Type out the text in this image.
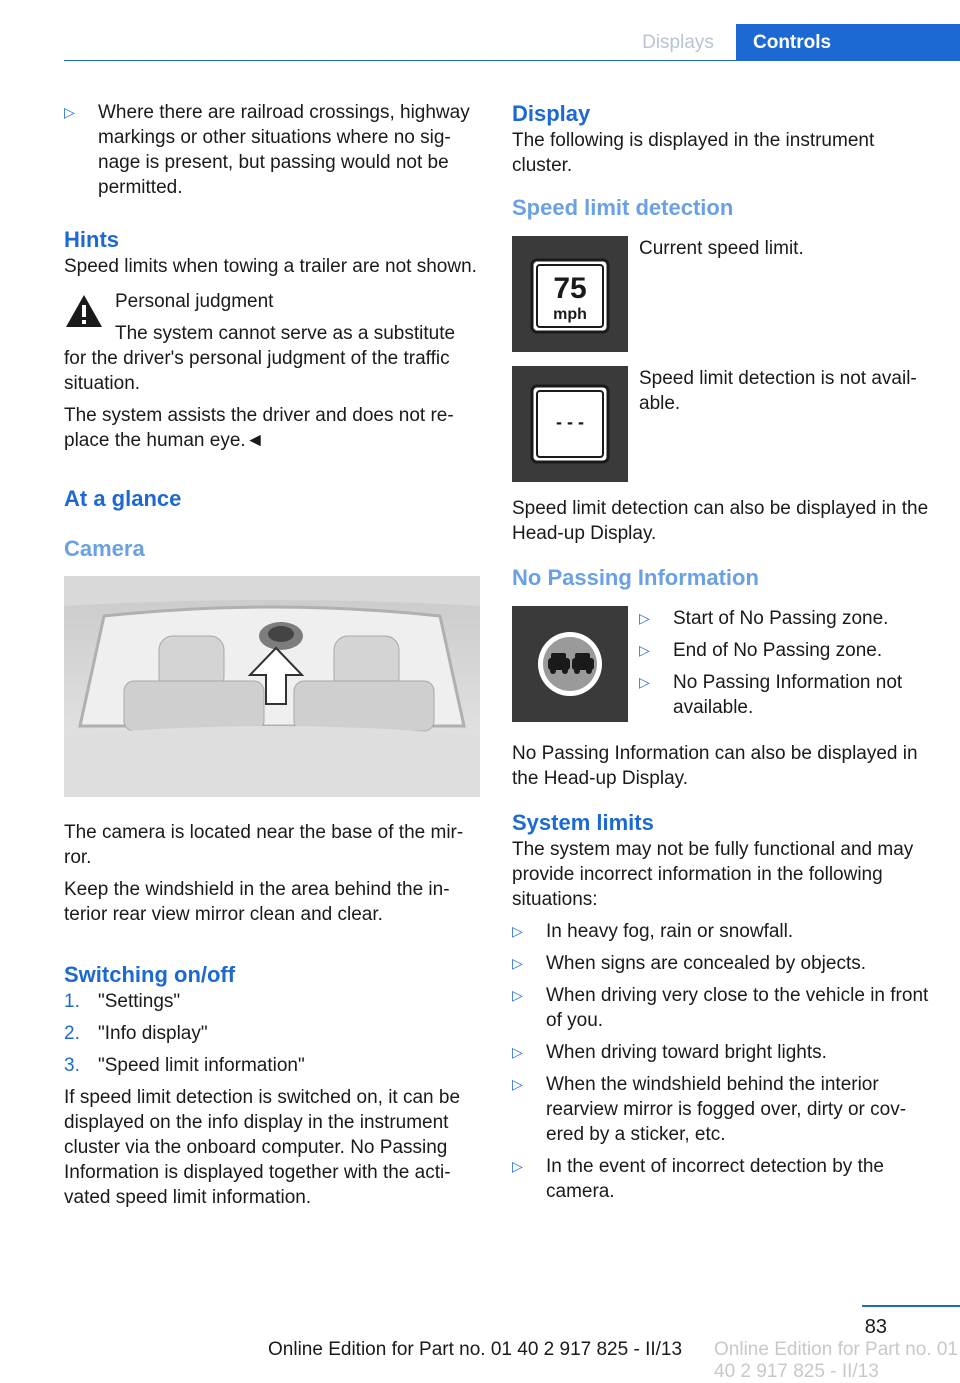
Displays	Controls
▷	Where there are railroad crossings, highway markings or other situations where no sig-nage is present, but passing would not be permitted.
Hints

Speed limits when towing a trailer are not shown.

Personal judgment

The system cannot serve as a substitute for the driver's personal judgment of the traffic situation.

The system assists the driver and does not re-place the human eye.◄

At a glance
Camera

The camera is located near the base of the mir-ror.

Keep the windshield in the area behind the in-terior rear view mirror clean and clear.

Switching on/off
1. "Settings"
2. "Info display"
3. "Speed limit information"

If speed limit detection is switched on, it can be displayed on the info display in the instrument cluster via the onboard computer. No Passing Information is displayed together with the acti-vated speed limit information.

Display

The following is displayed in the instrument cluster.

Speed limit detection
75
mph
Current speed limit.
- - -
Speed limit detection is not avail-able.

Speed limit detection can also be displayed in the Head-up Display.

No Passing Information
▷	Start of No Passing zone.
▷	End of No Passing zone.
▷	No Passing Information not available.

No Passing Information can also be displayed in the Head-up Display.

System limits

The system may not be fully functional and may provide incorrect information in the following situations:

▷	In heavy fog, rain or snowfall.
▷	When signs are concealed by objects.
▷	When driving very close to the vehicle in front of you.
▷	When driving toward bright lights.
▷	When the windshield behind the interior rearview mirror is fogged over, dirty or cov-ered by a sticker, etc.
▷	In the event of incorrect detection by the camera.
83
Online Edition for Part no. 01 40 2 917 825 - II/13 Online Edition for Part no. 01 40 2 917 825 - II/13
